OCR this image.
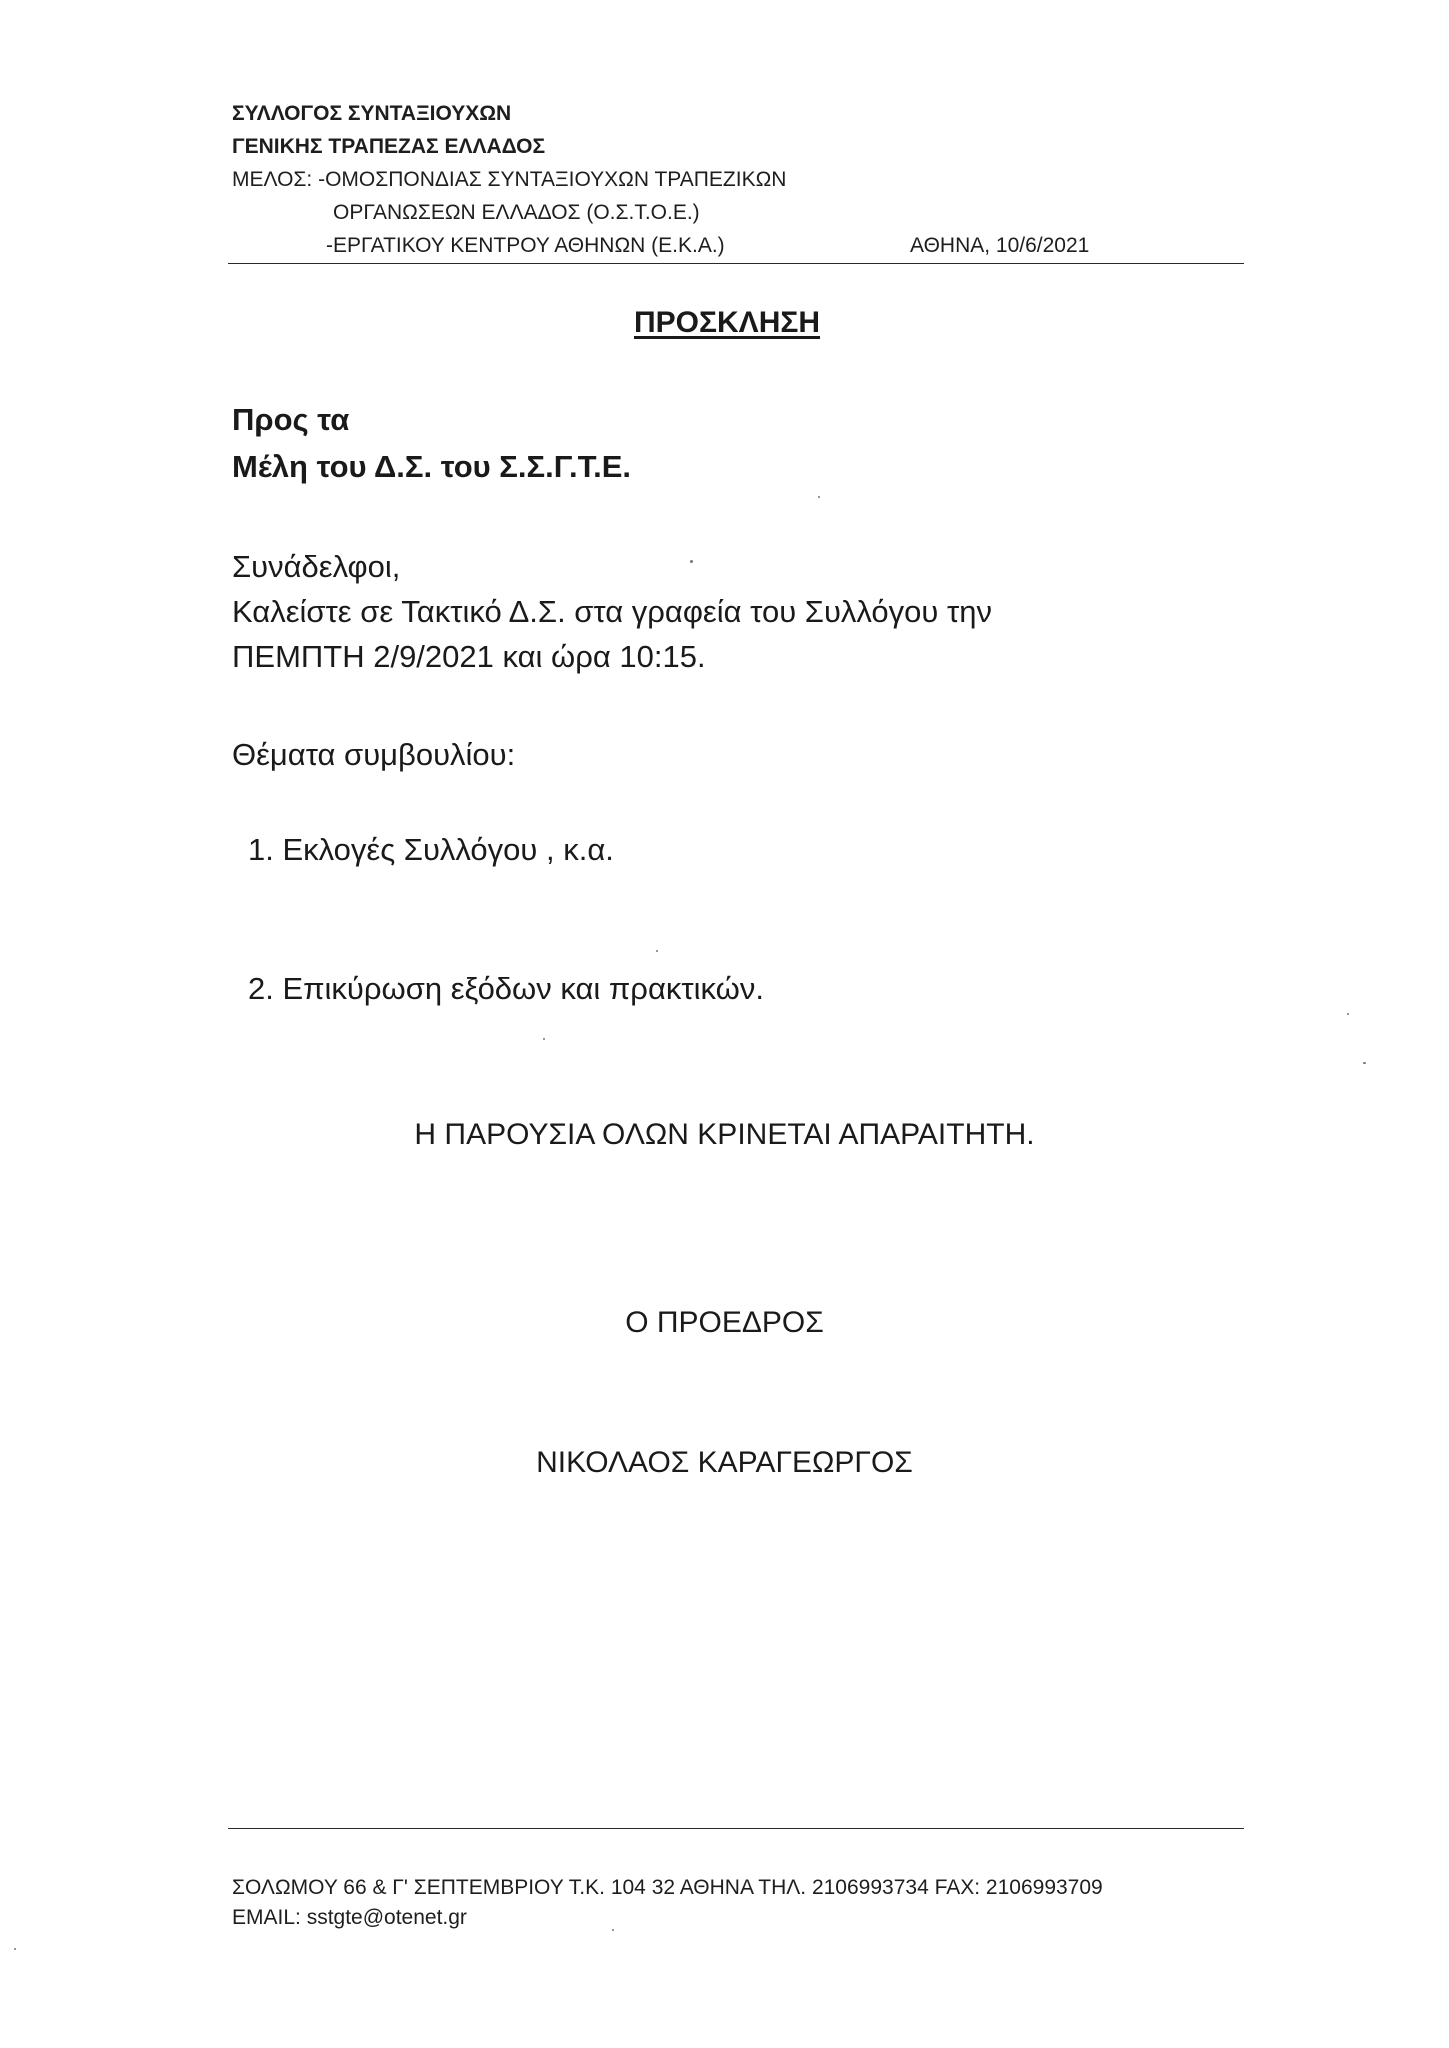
ΣΥΛΛΟΓΟΣ ΣΥΝΤΑΞΙΟΥΧΩΝ
ΓΕΝΙΚΗΣ ΤΡΑΠΕΖΑΣ ΕΛΛΑΔΟΣ
ΜΕΛΟΣ: -ΟΜΟΣΠΟΝΔΙΑΣ ΣΥΝΤΑΞΙΟΥΧΩΝ ΤΡΑΠΕΖΙΚΩΝ
ΟΡΓΑΝΩΣΕΩΝ ΕΛΛΑΔΟΣ (Ο.Σ.Τ.Ο.Ε.)
-ΕΡΓΑΤΙΚΟΥ ΚΕΝΤΡΟΥ ΑΘΗΝΩΝ (Ε.Κ.Α.)	ΑΘΗΝΑ, 10/6/2021
ΠΡΟΣΚΛΗΣΗ
Προς τα
Μέλη του Δ.Σ. του Σ.Σ.Γ.Τ.Ε.
Συνάδελφοι,
Καλείστε σε Τακτικό Δ.Σ. στα γραφεία του Συλλόγου την
ΠΕΜΠΤΗ 2/9/2021 και ώρα 10:15.
Θέματα συμβουλίου:
1. Εκλογές Συλλόγου , κ.α.
2. Επικύρωση εξόδων και πρακτικών.
Η ΠΑΡΟΥΣΙΑ ΟΛΩΝ ΚΡΙΝΕΤΑΙ ΑΠΑΡΑΙΤΗΤΗ.
Ο ΠΡΟΕΔΡΟΣ
ΝΙΚΟΛΑΟΣ ΚΑΡΑΓΕΩΡΓΟΣ
ΣΟΛΩΜΟΥ 66 & Γ' ΣΕΠΤΕΜΒΡΙΟΥ Τ.Κ. 104 32 ΑΘΗΝΑ ΤΗΛ. 2106993734 FAX: 2106993709
EMAIL: sstgte@otenet.gr
